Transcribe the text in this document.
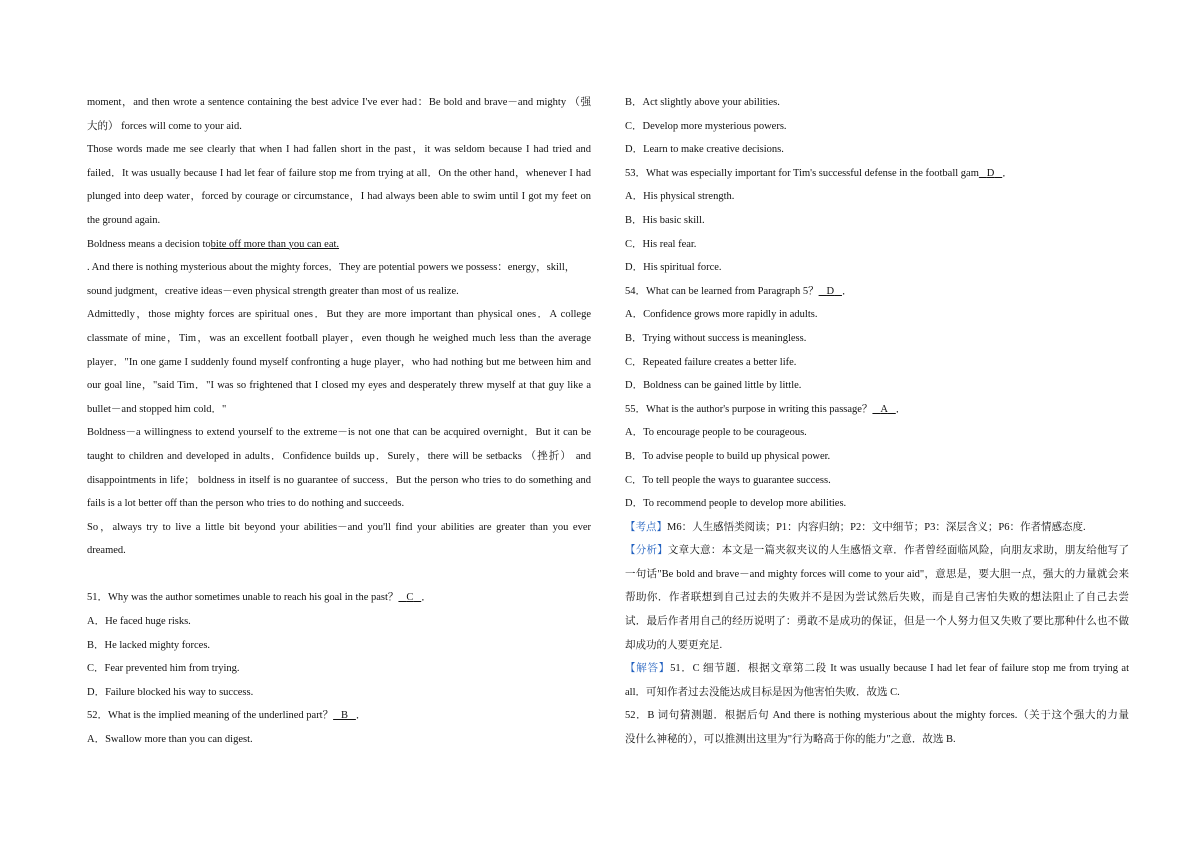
moment，and then wrote a sentence containing the best advice I've ever had：Be bold and brave－and mighty （强
大的） forces will come to your aid.
Those words made me see clearly that when I had fallen short in the past，it was seldom because I had tried and
failed．It was usually because I had let fear of failure stop me from trying at all．On the other hand，whenever I had
plunged into deep water，forced by courage or circumstance，I had always been able to swim until I got my feet on
the ground again.
Boldness means a decision tobite off more than you can eat.
. And there is nothing mysterious about the mighty forces．They are potential powers we possess：energy，skill，
sound judgment，creative ideas－even physical strength greater than most of us realize.
Admittedly，those mighty forces are spiritual ones．But they are more important than physical ones．A college
classmate of mine，Tim，was an excellent football player，even though he weighed much less than the average
player．"In one game I suddenly found myself confronting a huge player，who had nothing but me between him and
our goal line，"said Tim．"I was so frightened that I closed my eyes and desperately threw myself at that guy like a
bullet－and stopped him cold．"
Boldness－a willingness to extend yourself to the extreme－is not one that can be acquired overnight．But it can be
taught to children and developed in adults．Confidence builds up．Surely，there will be setbacks （挫折） and
disappointments in life； boldness in itself is no guarantee of success．But the person who tries to do something and
fails is a lot better off than the person who tries to do nothing and succeeds.
So，always try to live a little bit beyond your abilities－and you'll find your abilities are greater than you ever
dreamed.
51．Why was the author sometimes unable to reach his goal in the past？ C ．
A．He faced huge risks.
B．He lacked mighty forces.
C．Fear prevented him from trying.
D．Failure blocked his way to success.
52．What is the implied meaning of the underlined part？ B ．
A．Swallow more than you can digest.
B．Act slightly above your abilities.
C．Develop more mysterious powers.
D．Learn to make creative decisions.
53．What was especially important for Tim's successful defense in the football gam D ．
A．His physical strength.
B．His basic skill.
C．His real fear.
D．His spiritual force.
54．What can be learned from Paragraph 5？ D ．
A．Confidence grows more rapidly in adults.
B．Trying without success is meaningless.
C．Repeated failure creates a better life.
D．Boldness can be gained little by little.
55．What is the author's purpose in writing this passage？ A ．
A．To encourage people to be courageous.
B．To advise people to build up physical power.
C．To tell people the ways to guarantee success.
D．To recommend people to develop more abilities.
【考点】M6：人生感悟类阅读；P1：内容归纳；P2：文中细节；P3：深层含义；P6：作者情感态度.
【分析】文章大意：本文是一篇夹叙夹议的人生感悟文章．作者曾经面临风险，向朋友求助，朋友给他写了
一句话"Be bold and brave－and mighty forces will come to your aid"，意思是，要大胆一点，强大的力量就会来
帮助你．作者联想到自己过去的失败并不是因为尝试然后失败，而是自己害怕失败的想法阻止了自己去尝
试．最后作者用自己的经历说明了：勇敢不是成功的保证，但是一个人努力但又失败了要比那种什么也不做
却成功的人要更充足.
【解答】51．C 细节题．根据文章第二段 It was usually because I had let fear of failure stop me from trying at
all．可知作者过去没能达成目标是因为他害怕失败．故选 C.
52．B 词句猜测题．根据后句 And there is nothing mysterious about the mighty forces.（关于这个强大的力量
没什么神秘的），可以推测出这里为"行为略高于你的能力"之意．故选 B.
